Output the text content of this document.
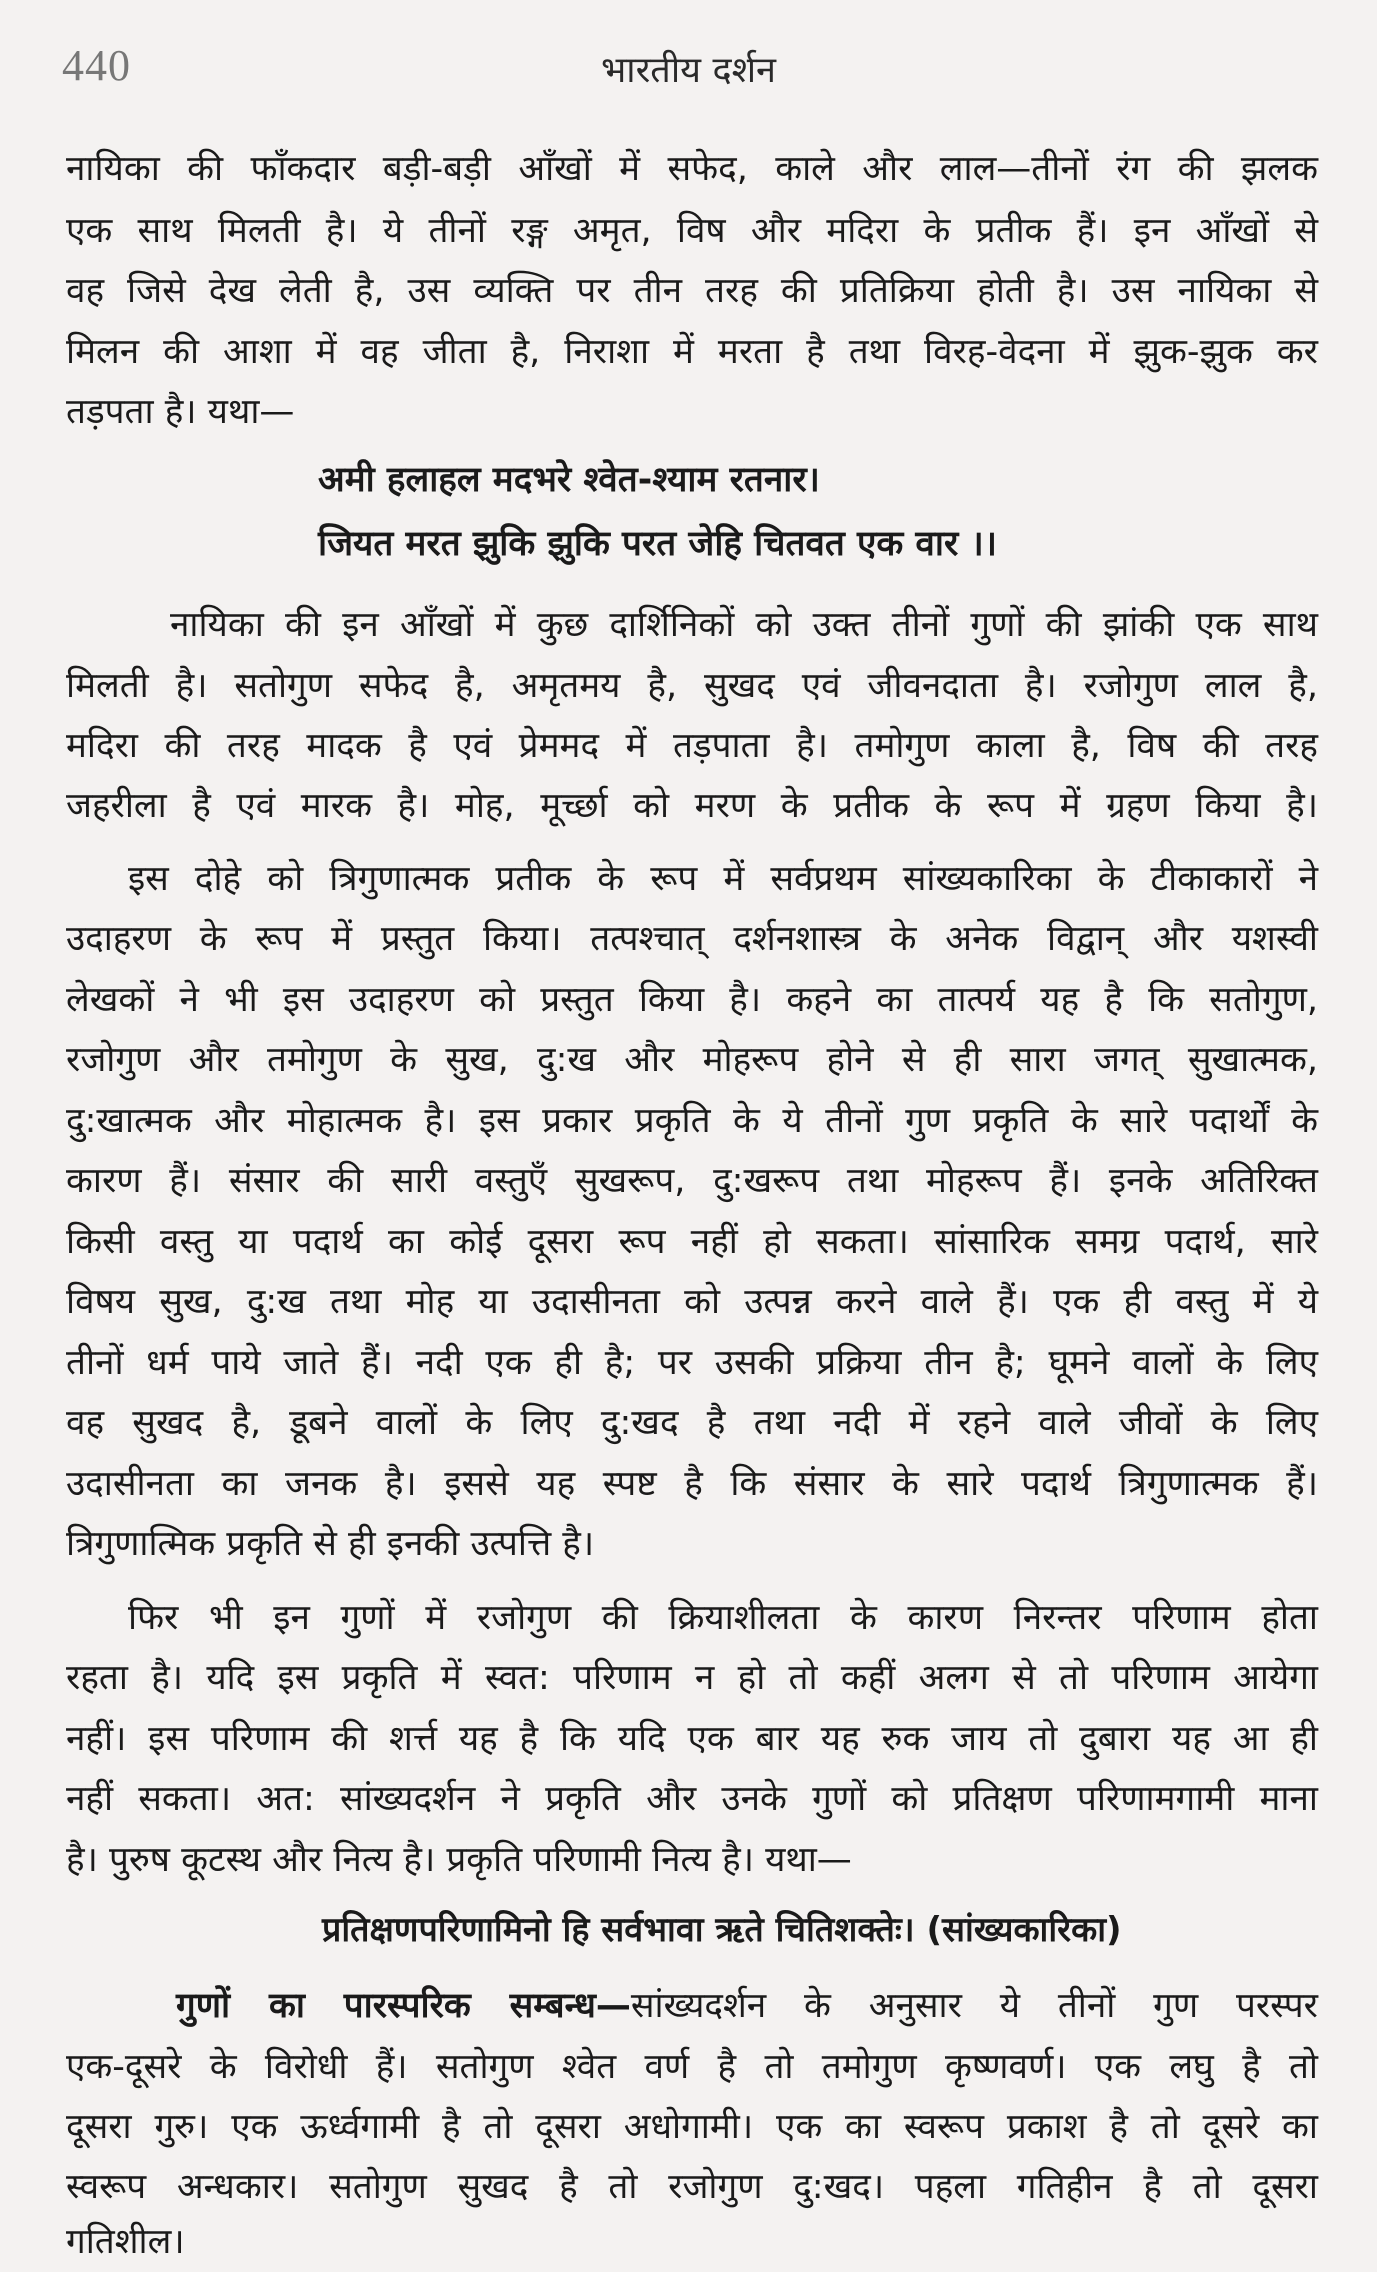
440	भारतीय दर्शन
नायिका की फाँकदार बड़ी-बड़ी आँखों में सफेद, काले और लाल—तीनों रंग की झलक
एक साथ मिलती है। ये तीनों रङ्ग अमृत, विष और मदिरा के प्रतीक हैं। इन आँखों से
वह जिसे देख लेती है, उस व्यक्ति पर तीन तरह की प्रतिक्रिया होती है। उस नायिका से
मिलन की आशा में वह जीता है, निराशा में मरता है तथा विरह-वेदना में झुक-झुक कर
तड़पता है। यथा—
अमी हलाहल मदभरे श्वेत-श्याम रतनार।
जियत मरत झुकि झुकि परत जेहि चितवत एक वार ।।
नायिका की इन आँखों में कुछ दार्शिनिकों को उक्त तीनों गुणों की झांकी एक साथ
मिलती है। सतोगुण सफेद है, अमृतमय है, सुखद एवं जीवनदाता है। रजोगुण लाल है,
मदिरा की तरह मादक है एवं प्रेममद में तड़पाता है। तमोगुण काला है, विष की तरह
जहरीला है एवं मारक है। मोह, मूर्च्छा को मरण के प्रतीक के रूप में ग्रहण किया है।
इस दोहे को त्रिगुणात्मक प्रतीक के रूप में सर्वप्रथम सांख्यकारिका के टीकाकारों ने
उदाहरण के रूप में प्रस्तुत किया। तत्पश्चात् दर्शनशास्त्र के अनेक विद्वान् और यशस्वी
लेखकों ने भी इस उदाहरण को प्रस्तुत किया है। कहने का तात्पर्य यह है कि सतोगुण,
रजोगुण और तमोगुण के सुख, दु:ख और मोहरूप होने से ही सारा जगत् सुखात्मक,
दु:खात्मक और मोहात्मक है। इस प्रकार प्रकृति के ये तीनों गुण प्रकृति के सारे पदार्थों के
कारण हैं। संसार की सारी वस्तुएँ सुखरूप, दु:खरूप तथा मोहरूप हैं। इनके अतिरिक्त
किसी वस्तु या पदार्थ का कोई दूसरा रूप नहीं हो सकता। सांसारिक समग्र पदार्थ, सारे
विषय सुख, दु:ख तथा मोह या उदासीनता को उत्पन्न करने वाले हैं। एक ही वस्तु में ये
तीनों धर्म पाये जाते हैं। नदी एक ही है; पर उसकी प्रक्रिया तीन है; घूमने वालों के लिए
वह सुखद है, डूबने वालों के लिए दु:खद है तथा नदी में रहने वाले जीवों के लिए
उदासीनता का जनक है। इससे यह स्पष्ट है कि संसार के सारे पदार्थ त्रिगुणात्मक हैं।
त्रिगुणात्मिक प्रकृति से ही इनकी उत्पत्ति है।
फिर भी इन गुणों में रजोगुण की क्रियाशीलता के कारण निरन्तर परिणाम होता
रहता है। यदि इस प्रकृति में स्वत: परिणाम न हो तो कहीं अलग से तो परिणाम आयेगा
नहीं। इस परिणाम की शर्त्त यह है कि यदि एक बार यह रुक जाय तो दुबारा यह आ ही
नहीं सकता। अत: सांख्यदर्शन ने प्रकृति और उनके गुणों को प्रतिक्षण परिणामगामी माना
है। पुरुष कूटस्थ और नित्य है। प्रकृति परिणामी नित्य है। यथा—
प्रतिक्षणपरिणामिनो हि सर्वभावा ऋते चितिशक्तेः। (सांख्यकारिका)
गुणों का पारस्परिक सम्बन्ध—सांख्यदर्शन के अनुसार ये तीनों गुण परस्पर
एक-दूसरे के विरोधी हैं। सतोगुण श्वेत वर्ण है तो तमोगुण कृष्णवर्ण। एक लघु है तो
दूसरा गुरु। एक ऊर्ध्वगामी है तो दूसरा अधोगामी। एक का स्वरूप प्रकाश है तो दूसरे का
स्वरूप अन्धकार। सतोगुण सुखद है तो रजोगुण दु:खद। पहला गतिहीन है तो दूसरा
गतिशील।
